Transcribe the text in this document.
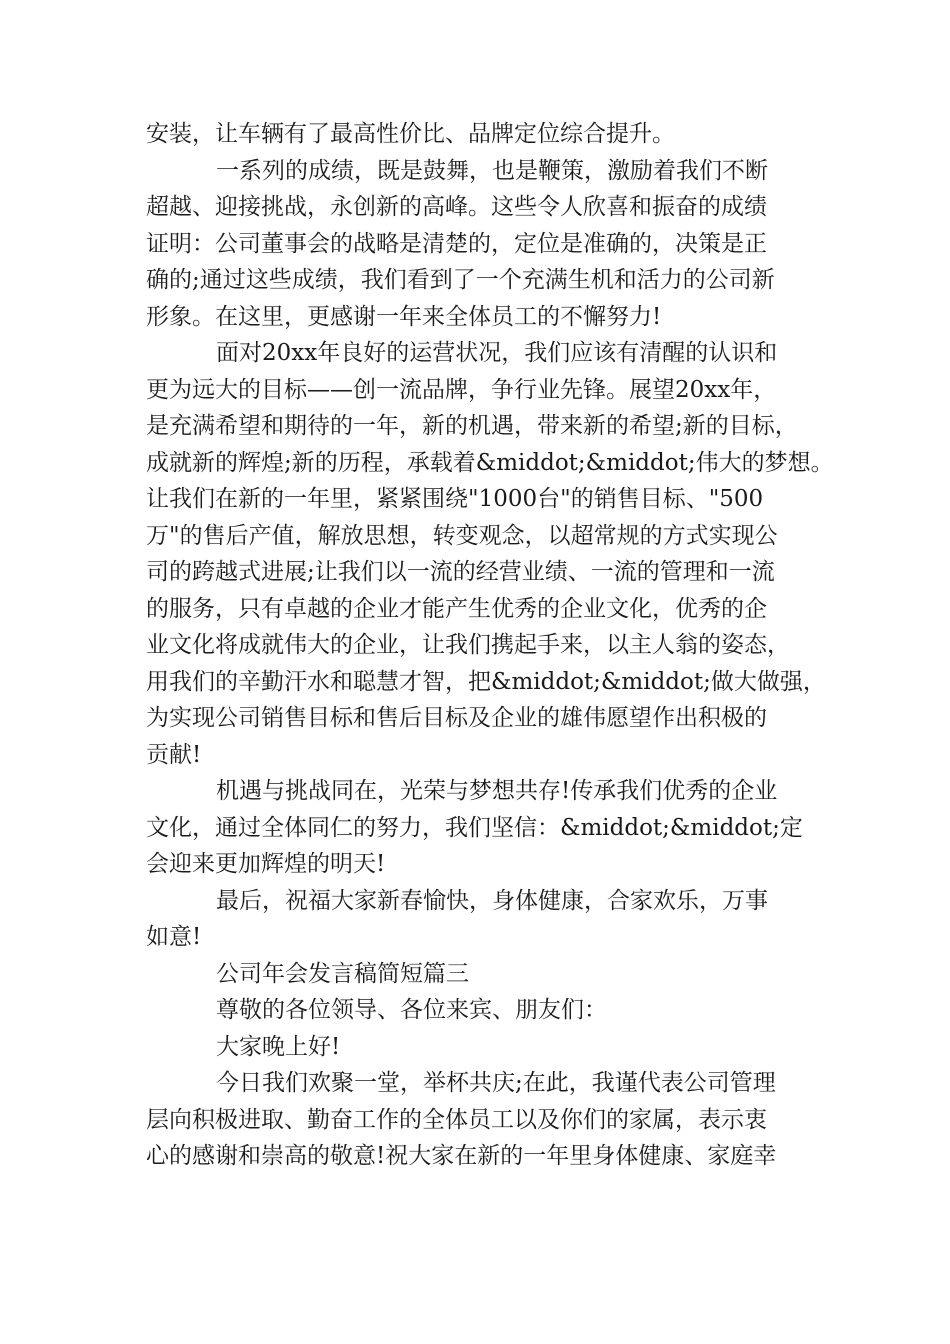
安装，让车辆有了最高性价比、品牌定位综合提升。
一系列的成绩，既是鼓舞，也是鞭策，激励着我们不断
超越、迎接挑战，永创新的高峰。这些令人欣喜和振奋的成绩
证明：公司董事会的战略是清楚的，定位是准确的，决策是正
确的;通过这些成绩，我们看到了一个充满生机和活力的公司新
形象。在这里，更感谢一年来全体员工的不懈努力!
面对20xx年良好的运营状况，我们应该有清醒的认识和
更为远大的目标——创一流品牌，争行业先锋。展望20xx年，
是充满希望和期待的一年，新的机遇，带来新的希望;新的目标，
成就新的辉煌;新的历程，承载着&middot;&middot;伟大的梦想。
让我们在新的一年里，紧紧围绕"1000台"的销售目标、"500
万"的售后产值，解放思想，转变观念，以超常规的方式实现公
司的跨越式进展;让我们以一流的经营业绩、一流的管理和一流
的服务，只有卓越的企业才能产生优秀的企业文化，优秀的企
业文化将成就伟大的企业，让我们携起手来，以主人翁的姿态，
用我们的辛勤汗水和聪慧才智，把&middot;&middot;做大做强，
为实现公司销售目标和售后目标及企业的雄伟愿望作出积极的
贡献!
机遇与挑战同在，光荣与梦想共存!传承我们优秀的企业
文化，通过全体同仁的努力，我们坚信：&middot;&middot;定
会迎来更加辉煌的明天!
最后，祝福大家新春愉快，身体健康，合家欢乐，万事
如意!
公司年会发言稿简短篇三
尊敬的各位领导、各位来宾、朋友们：
大家晚上好!
今日我们欢聚一堂，举杯共庆;在此，我谨代表公司管理
层向积极进取、勤奋工作的全体员工以及你们的家属，表示衷
心的感谢和崇高的敬意!祝大家在新的一年里身体健康、家庭幸
